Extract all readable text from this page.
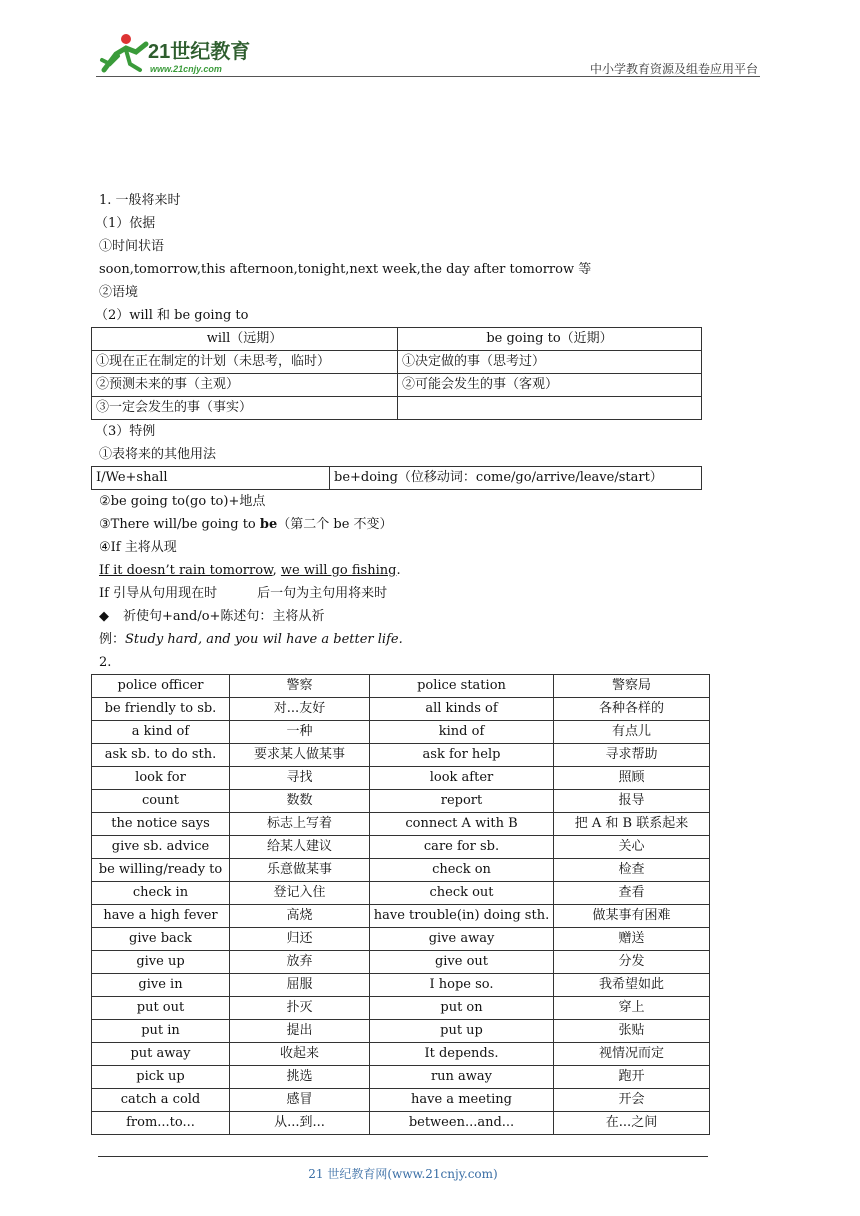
21世纪教育
www.21cnjy.com	中小学教育资源及组卷应用平台
1. 一般将来时
（1）依据
①时间状语
soon,tomorrow,this afternoon,tonight,next week,the day after tomorrow 等
②语境
（2）will 和 be going to
will（远期）	be going to（近期）
①现在正在制定的计划（未思考，临时）	①决定做的事（思考过）
②预测未来的事（主观）	②可能会发生的事（客观）
③一定会发生的事（事实）	
（3）特例
①表将来的其他用法
I/We+shall	be+doing（位移动词：come/go/arrive/leave/start）
②be going to(go to)+地点
③There will/be going to be（第二个 be 不变）
④If 主将从现
If it doesn’t rain tomorrow, we will go fishing.
If 引导从句用现在时	后一句为主句用将来时
◆ 祈使句+and/o+陈述句：主将从祈
例：Study hard, and you wil have a better life.
2.
police officer	警察	police station	警察局
be friendly to sb.	对...友好	all kinds of	各种各样的
a kind of	一种	kind of	有点儿
ask sb. to do sth.	要求某人做某事	ask for help	寻求帮助
look for	寻找	look after	照顾
count	数数	report	报导
the notice says	标志上写着	connect A with B	把 A 和 B 联系起来
give sb. advice	给某人建议	care for sb.	关心
be willing/ready to	乐意做某事	check on	检查
check in	登记入住	check out	查看
have a high fever	高烧	have trouble(in) doing sth.	做某事有困难
give back	归还	give away	赠送
give up	放弃	give out	分发
give in	屈服	I hope so.	我希望如此
put out	扑灭	put on	穿上
put in	提出	put up	张贴
put away	收起来	It depends.	视情况而定
pick up	挑选	run away	跑开
catch a cold	感冒	have a meeting	开会
from...to...	从...到...	between...and...	在...之间
21 世纪教育网(www.21cnjy.com)
